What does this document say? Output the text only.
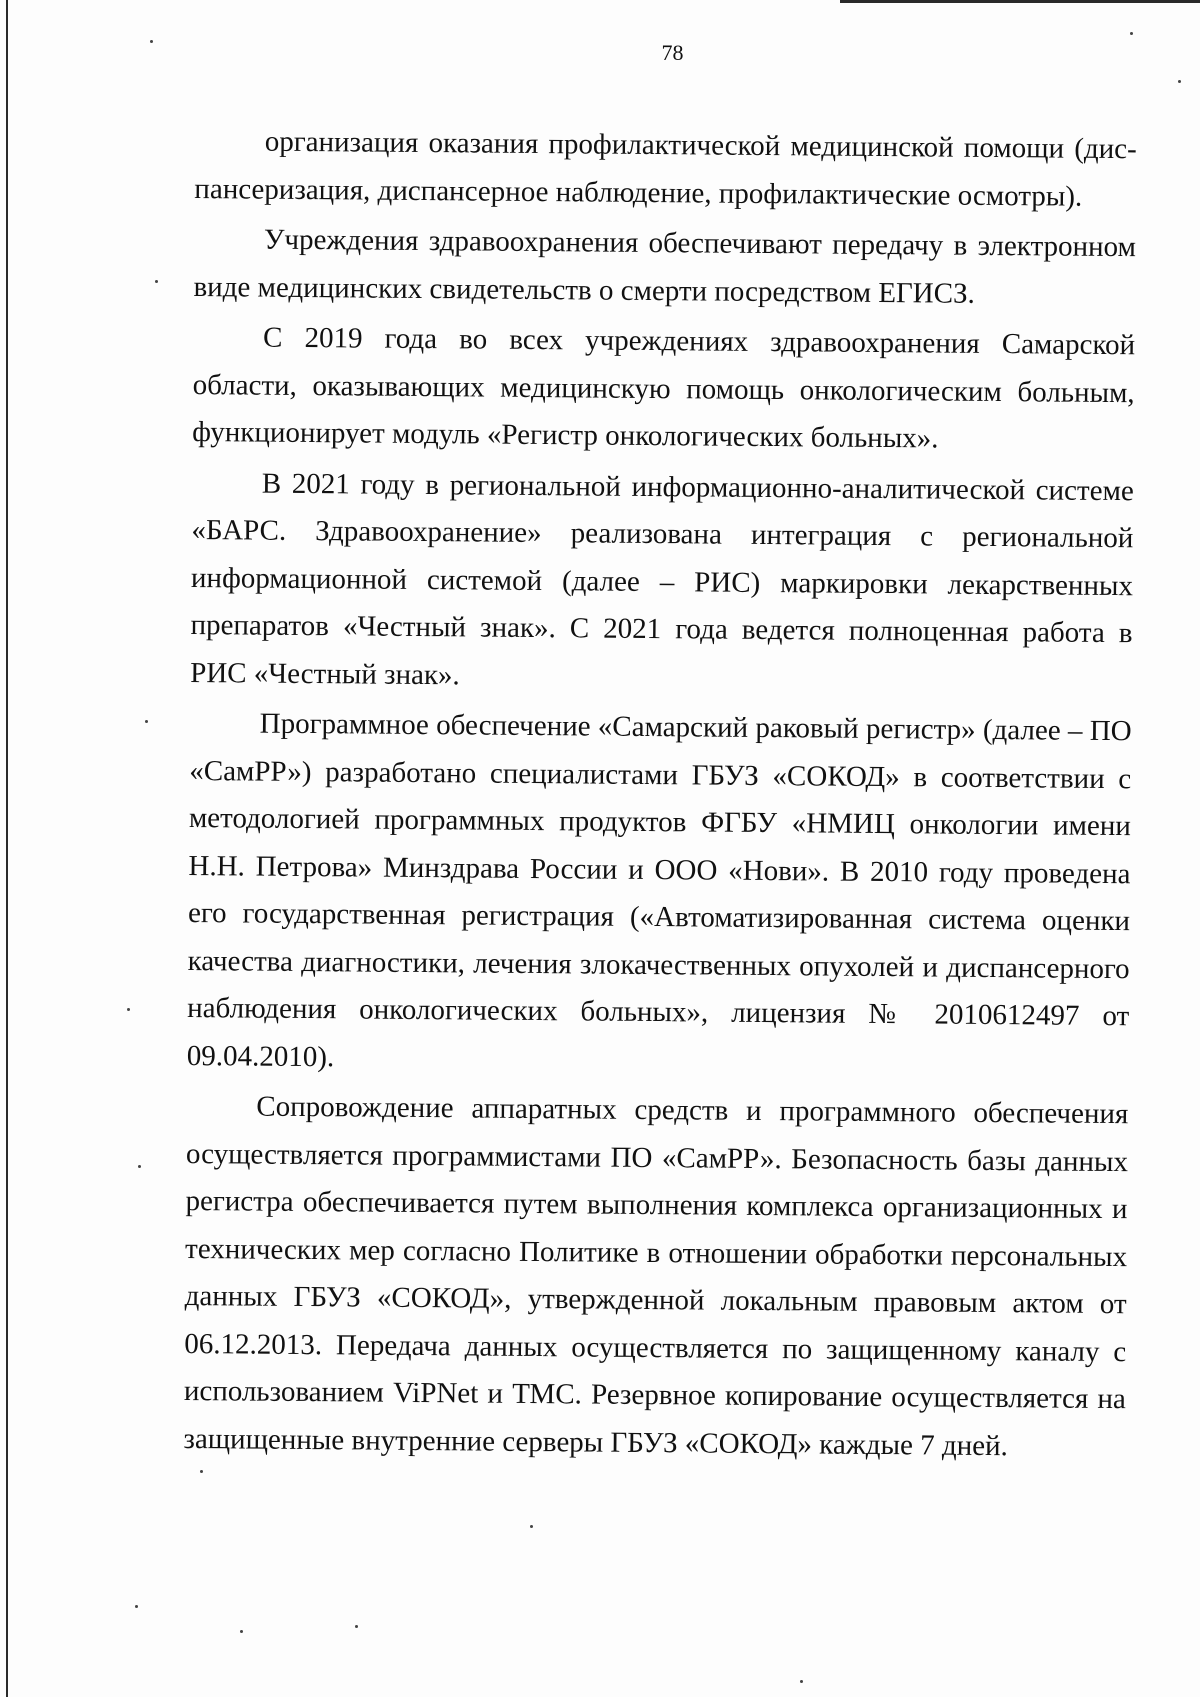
78

организация оказания профилактической медицинской помощи (диспансеризация, диспансерное наблюдение, профилактические осмотры).

Учреждения здравоохранения обеспечивают передачу в электронном виде медицинских свидетельств о смерти посредством ЕГИСЗ.

С 2019 года во всех учреждениях здравоохранения Самарской области, оказывающих медицинскую помощь онкологическим больным, функционирует модуль «Регистр онкологических больных».

В 2021 году в региональной информационно-аналитической системе «БАРС. Здравоохранение» реализована интеграция с региональной информационной системой (далее – РИС) маркировки лекарственных препаратов «Честный знак». С 2021 года ведется полноценная работа в РИС «Честный знак».

Программное обеспечение «Самарский раковый регистр» (далее – ПО «СамРР») разработано специалистами ГБУЗ «СОКОД» в соответствии с методологией программных продуктов ФГБУ «НМИЦ онкологии имени Н.Н. Петрова» Минздрава России и ООО «Нови». В 2010 году проведена его государственная регистрация («Автоматизированная система оценки качества диагностики, лечения злокачественных опухолей и диспансерного наблюдения онкологических больных», лицензия № 2010612497 от 09.04.2010).

Сопровождение аппаратных средств и программного обеспечения осуществляется программистами ПО «СамРР». Безопасность базы данных регистра обеспечивается путем выполнения комплекса организационных и технических мер согласно Политике в отношении обработки персональных данных ГБУЗ «СОКОД», утвержденной локальным правовым актом от 06.12.2013. Передача данных осуществляется по защищенному каналу с использованием ViPNet и ТМС. Резервное копирование осуществляется на защищенные внутренние серверы ГБУЗ «СОКОД» каждые 7 дней.
